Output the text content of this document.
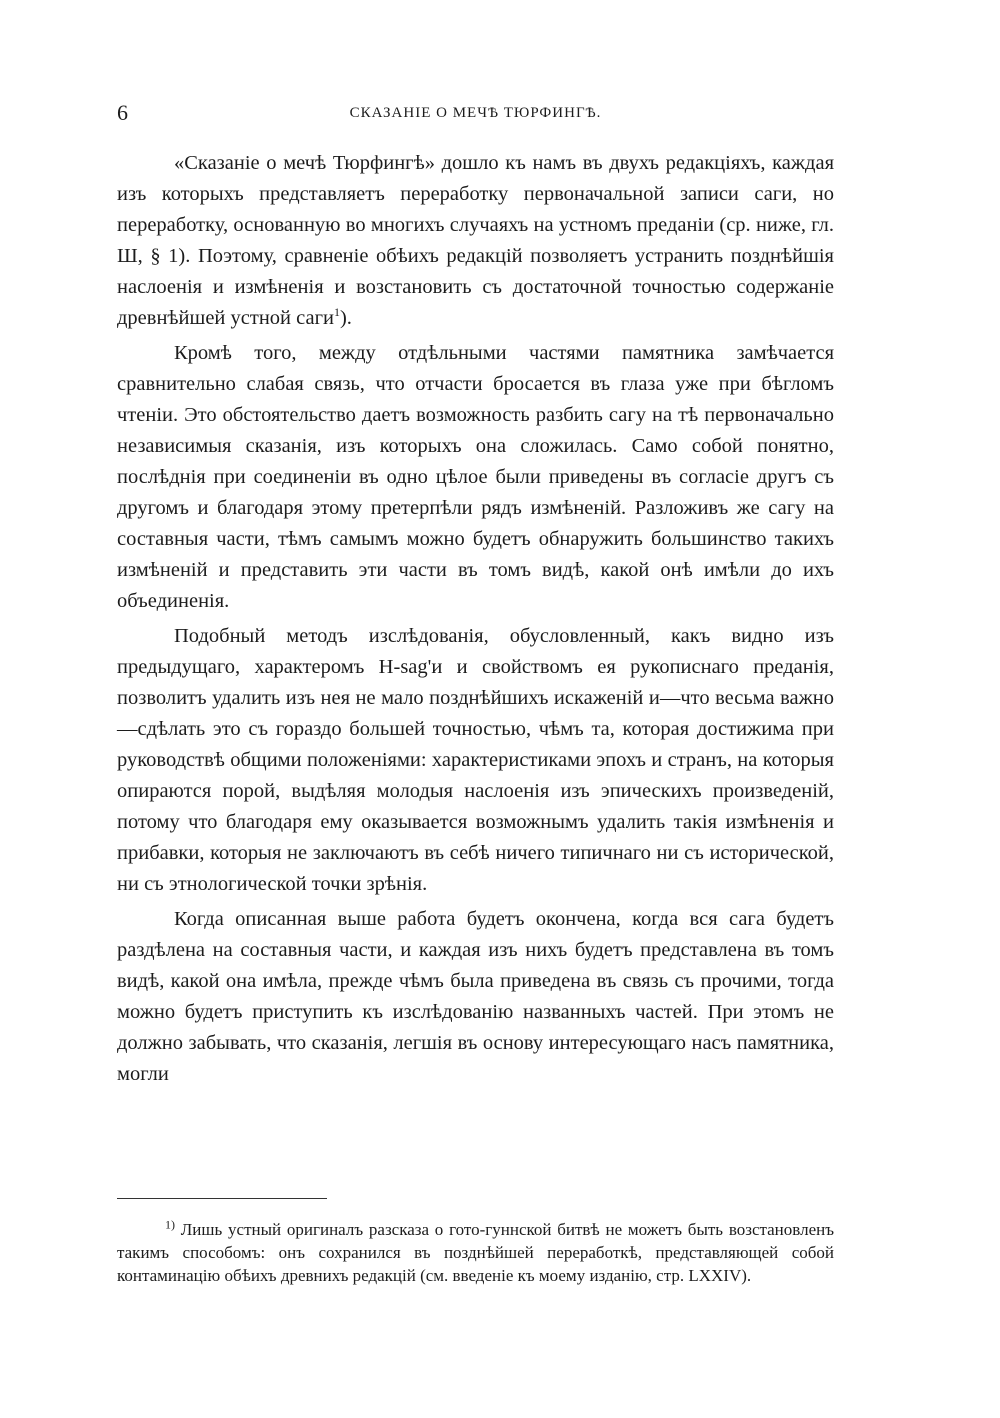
6	СКАЗАНІЕ О МЕЧѢ ТЮРФИНГѢ.

«Сказаніе о мечѣ Тюрфингѣ» дошло къ намъ въ двухъ редакціяхъ, каждая изъ которыхъ представляетъ переработку первоначальной записи саги, но переработку, основанную во многихъ случаяхъ на устномъ преданіи (ср. ниже, гл. Ш, § 1). Поэтому, сравненіе обѣихъ редакцій позволяетъ устранить позднѣйшія наслоенія и измѣненія и возстановить съ достаточной точностью содержаніе древнѣйшей устной саги$^1$).

Кромѣ того, между отдѣльными частями памятника замѣчается сравнительно слабая связь, что отчасти бросается въ глаза уже при бѣгломъ чтеніи. Это обстоятельство даетъ возможность разбить сагу на тѣ первоначально независимыя сказанія, изъ которыхъ она сложилась. Само собой понятно, послѣднія при соединеніи въ одно цѣлое были приведены въ согласіе другъ съ другомъ и благодаря этому претерпѣли рядъ измѣненій. Разложивъ же сагу на составныя части, тѣмъ самымъ можно будетъ обнаружить большинство такихъ измѣненій и представить эти части въ томъ видѣ, какой онѣ имѣли до ихъ объединенія.

Подобный методъ изслѣдованія, обусловленный, какъ видно изъ предыдущаго, характеромъ H-sag'и и свойствомъ ея рукописнаго преданія, позволитъ удалить изъ нея не мало позднѣйшихъ искаженій и—что весьма важно—сдѣлать это съ гораздо большей точностью, чѣмъ та, которая достижима при руководствѣ общими положеніями: характеристиками эпохъ и странъ, на которыя опираются порой, выдѣляя молодыя наслоенія изъ эпическихъ произведеній, потому что благодаря ему оказывается возможнымъ удалить такія измѣненія и прибавки, которыя не заключаютъ въ себѣ ничего типичнаго ни съ исторической, ни съ этнологической точки зрѣнія.

Когда описанная выше работа будетъ окончена, когда вся сага будетъ раздѣлена на составныя части, и каждая изъ нихъ будетъ представлена въ томъ видѣ, какой она имѣла, прежде чѣмъ была приведена въ связь съ прочими, тогда можно будетъ приступить къ изслѣдованію названныхъ частей. При этомъ не должно забывать, что сказанія, легшія въ основу интересующаго насъ памятника, могли

$^{1)}$ Лишь устный оригиналъ разсказа о гото-гуннской битвѣ не можетъ быть возстановленъ такимъ способомъ: онъ сохранился въ позднѣйшей переработкѣ, представляющей собой контаминацію обѣихъ древнихъ редакцій (см. введеніе къ моему изданію, стр. LXXIV).
